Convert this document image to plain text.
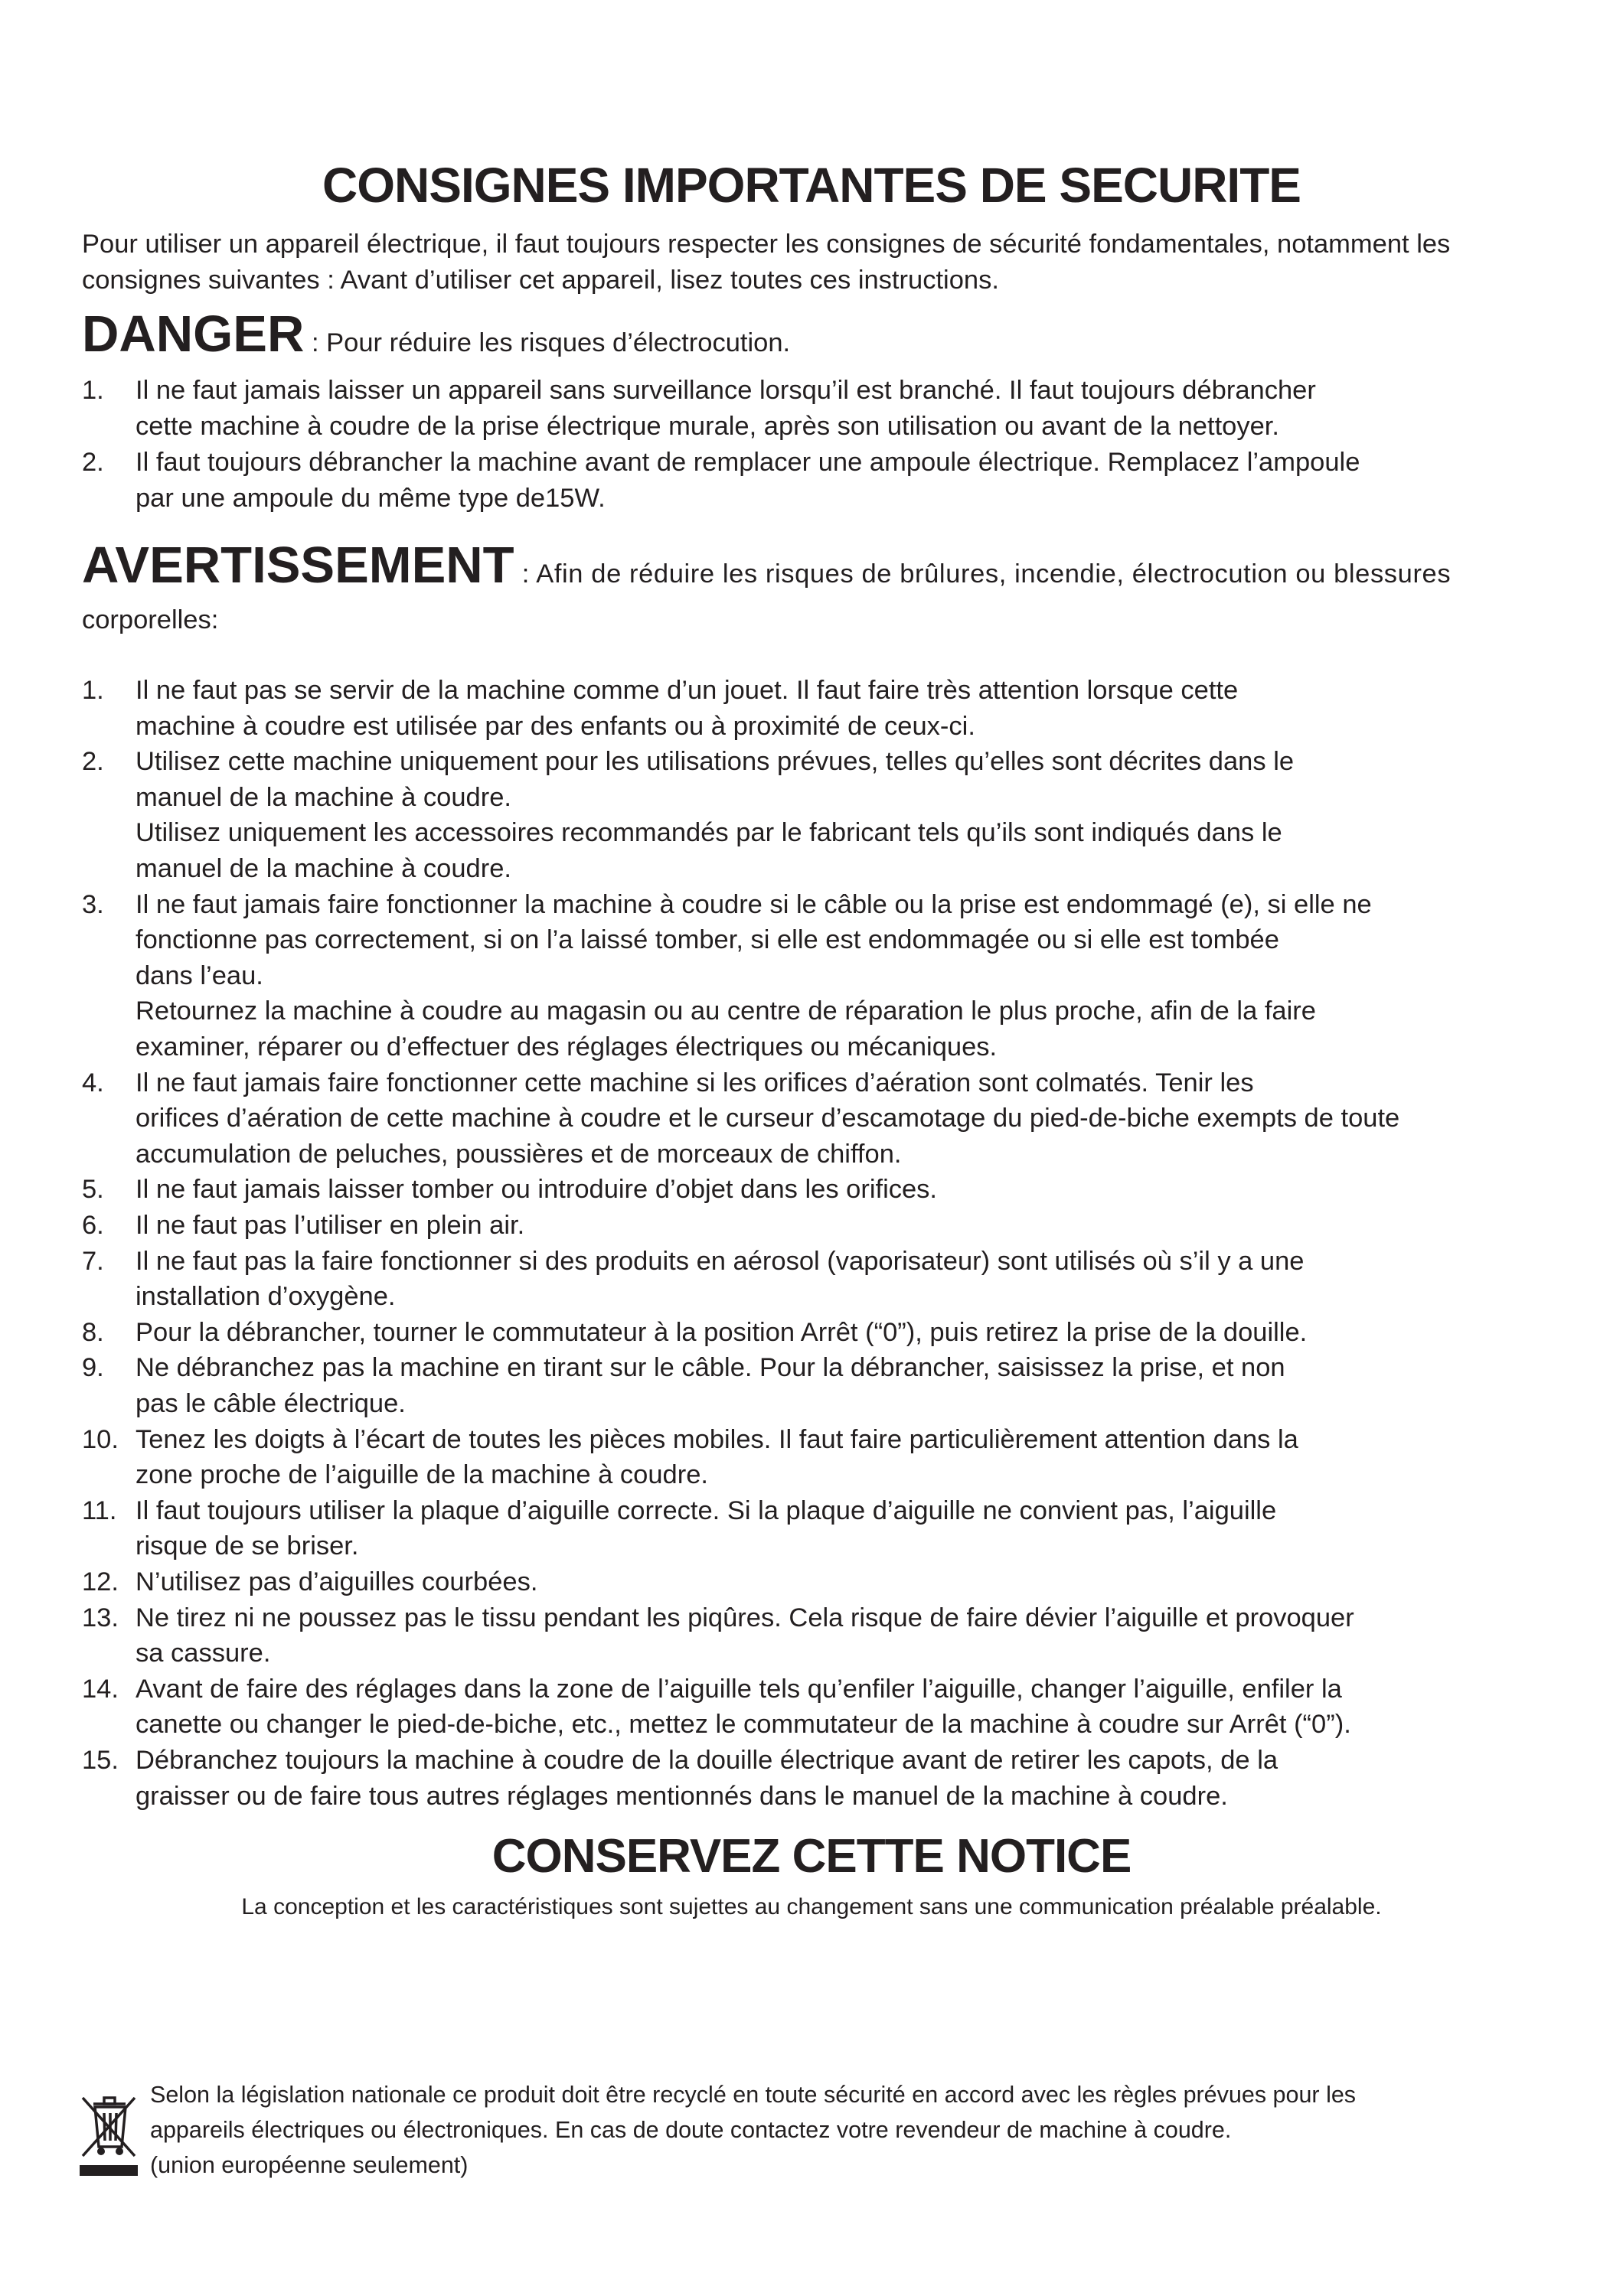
CONSIGNES IMPORTANTES DE SECURITE
Pour utiliser un appareil électrique, il faut toujours respecter les consignes de sécurité fondamentales, notamment les
consignes suivantes : Avant d’utiliser cet appareil, lisez toutes ces instructions.
DANGER : Pour réduire les risques d’électrocution.
1. Il ne faut jamais laisser un appareil sans surveillance lorsqu’il est branché. Il faut toujours débrancher
cette machine à coudre de la prise électrique murale, après son utilisation ou avant de la nettoyer.
2. Il faut toujours débrancher la machine avant de remplacer une ampoule électrique. Remplacez l’ampoule
par une ampoule du même type de15W.
AVERTISSEMENT : Afin de réduire les risques de brûlures, incendie, électrocution ou blessures
corporelles:
1. Il ne faut pas se servir de la machine comme d’un jouet. Il faut faire très attention lorsque cette
machine à coudre est utilisée par des enfants ou à proximité de ceux-ci.
2. Utilisez cette machine uniquement pour les utilisations prévues, telles qu’elles sont décrites dans le
manuel de la machine à coudre.
Utilisez uniquement les accessoires recommandés par le fabricant tels qu’ils sont indiqués dans le
manuel de la machine à coudre.
3. Il ne faut jamais faire fonctionner la machine à coudre si le câble ou la prise est endommagé (e), si elle ne
fonctionne pas correctement, si on l’a laissé tomber, si elle est endommagée ou si elle est tombée
dans l’eau.
Retournez la machine à coudre au magasin ou au centre de réparation le plus proche, afin de la faire
examiner, réparer ou d’effectuer des réglages électriques ou mécaniques.
4. Il ne faut jamais faire fonctionner cette machine si les orifices d’aération sont colmatés. Tenir les
orifices d’aération de cette machine à coudre et le curseur d’escamotage du pied-de-biche exempts de toute
accumulation de peluches, poussières et de morceaux de chiffon.
5. Il ne faut jamais laisser tomber ou introduire d’objet dans les orifices.
6. Il ne faut pas l’utiliser en plein air.
7. Il ne faut pas la faire fonctionner si des produits en aérosol (vaporisateur) sont utilisés où s’il y a une
installation d’oxygène.
8. Pour la débrancher, tourner le commutateur à la position Arrêt (“0”), puis retirez la prise de la douille.
9. Ne débranchez pas la machine en tirant sur le câble. Pour la débrancher, saisissez la prise, et non
pas le câble électrique.
10. Tenez les doigts à l’écart de toutes les pièces mobiles. Il faut faire particulièrement attention dans la
zone proche de l’aiguille de la machine à coudre.
11. Il faut toujours utiliser la plaque d’aiguille correcte. Si la plaque d’aiguille ne convient pas, l’aiguille
risque de se briser.
12. N’utilisez pas d’aiguilles courbées.
13. Ne tirez ni ne poussez pas le tissu pendant les piqûres. Cela risque de faire dévier l’aiguille et provoquer
sa cassure.
14. Avant de faire des réglages dans la zone de l’aiguille tels qu’enfiler l’aiguille, changer l’aiguille, enfiler la
canette ou changer le pied-de-biche, etc., mettez le commutateur de la machine à coudre sur Arrêt (“0”).
15. Débranchez toujours la machine à coudre de la douille électrique avant de retirer les capots, de la
graisser ou de faire tous autres réglages mentionnés dans le manuel de la machine à coudre.
CONSERVEZ CETTE NOTICE
La conception et les caractéristiques sont sujettes au changement sans une communication préalable préalable.
Selon la législation nationale ce produit doit être recyclé en toute sécurité en accord avec les règles prévues pour les
appareils électriques ou électroniques. En cas de doute contactez votre revendeur de machine à coudre.
(union européenne seulement)
